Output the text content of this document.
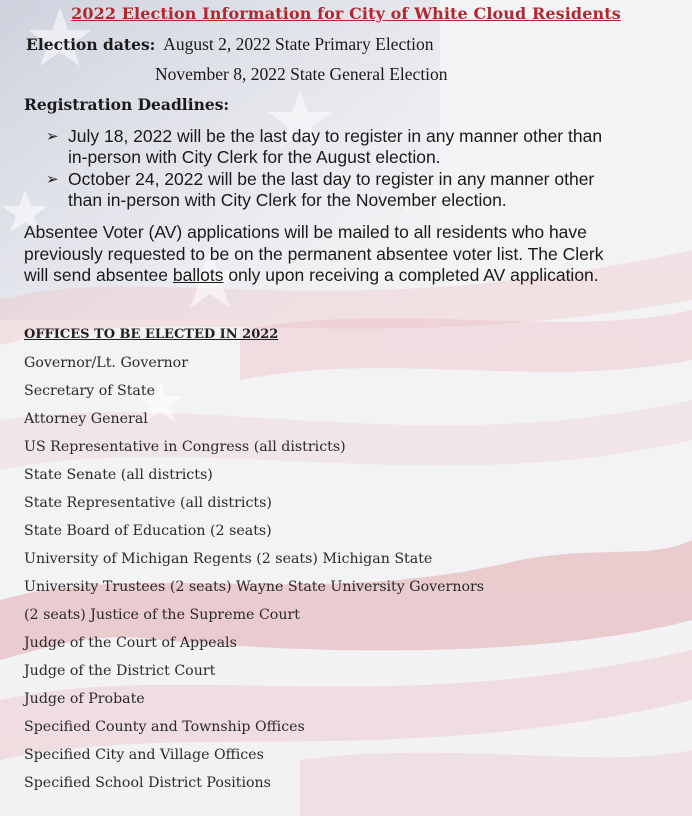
2022 Election Information for City of White Cloud Residents
Election dates: August 2, 2022 State Primary Election
November 8, 2022 State General Election
Registration Deadlines:
➢ July 18, 2022 will be the last day to register in any manner other than
in-person with City Clerk for the August election.
➢ October 24, 2022 will be the last day to register in any manner other
than in-person with City Clerk for the November election.
Absentee Voter (AV) applications will be mailed to all residents who have
previously requested to be on the permanent absentee voter list. The Clerk
will send absentee ballots only upon receiving a completed AV application.
OFFICES TO BE ELECTED IN 2022
Governor/Lt. Governor
Secretary of State
Attorney General
US Representative in Congress (all districts)
State Senate (all districts)
State Representative (all districts)
State Board of Education (2 seats)
University of Michigan Regents (2 seats) Michigan State
University Trustees (2 seats) Wayne State University Governors
(2 seats) Justice of the Supreme Court
Judge of the Court of Appeals
Judge of the District Court
Judge of Probate
Specified County and Township Offices
Specified City and Village Offices
Specified School District Positions
